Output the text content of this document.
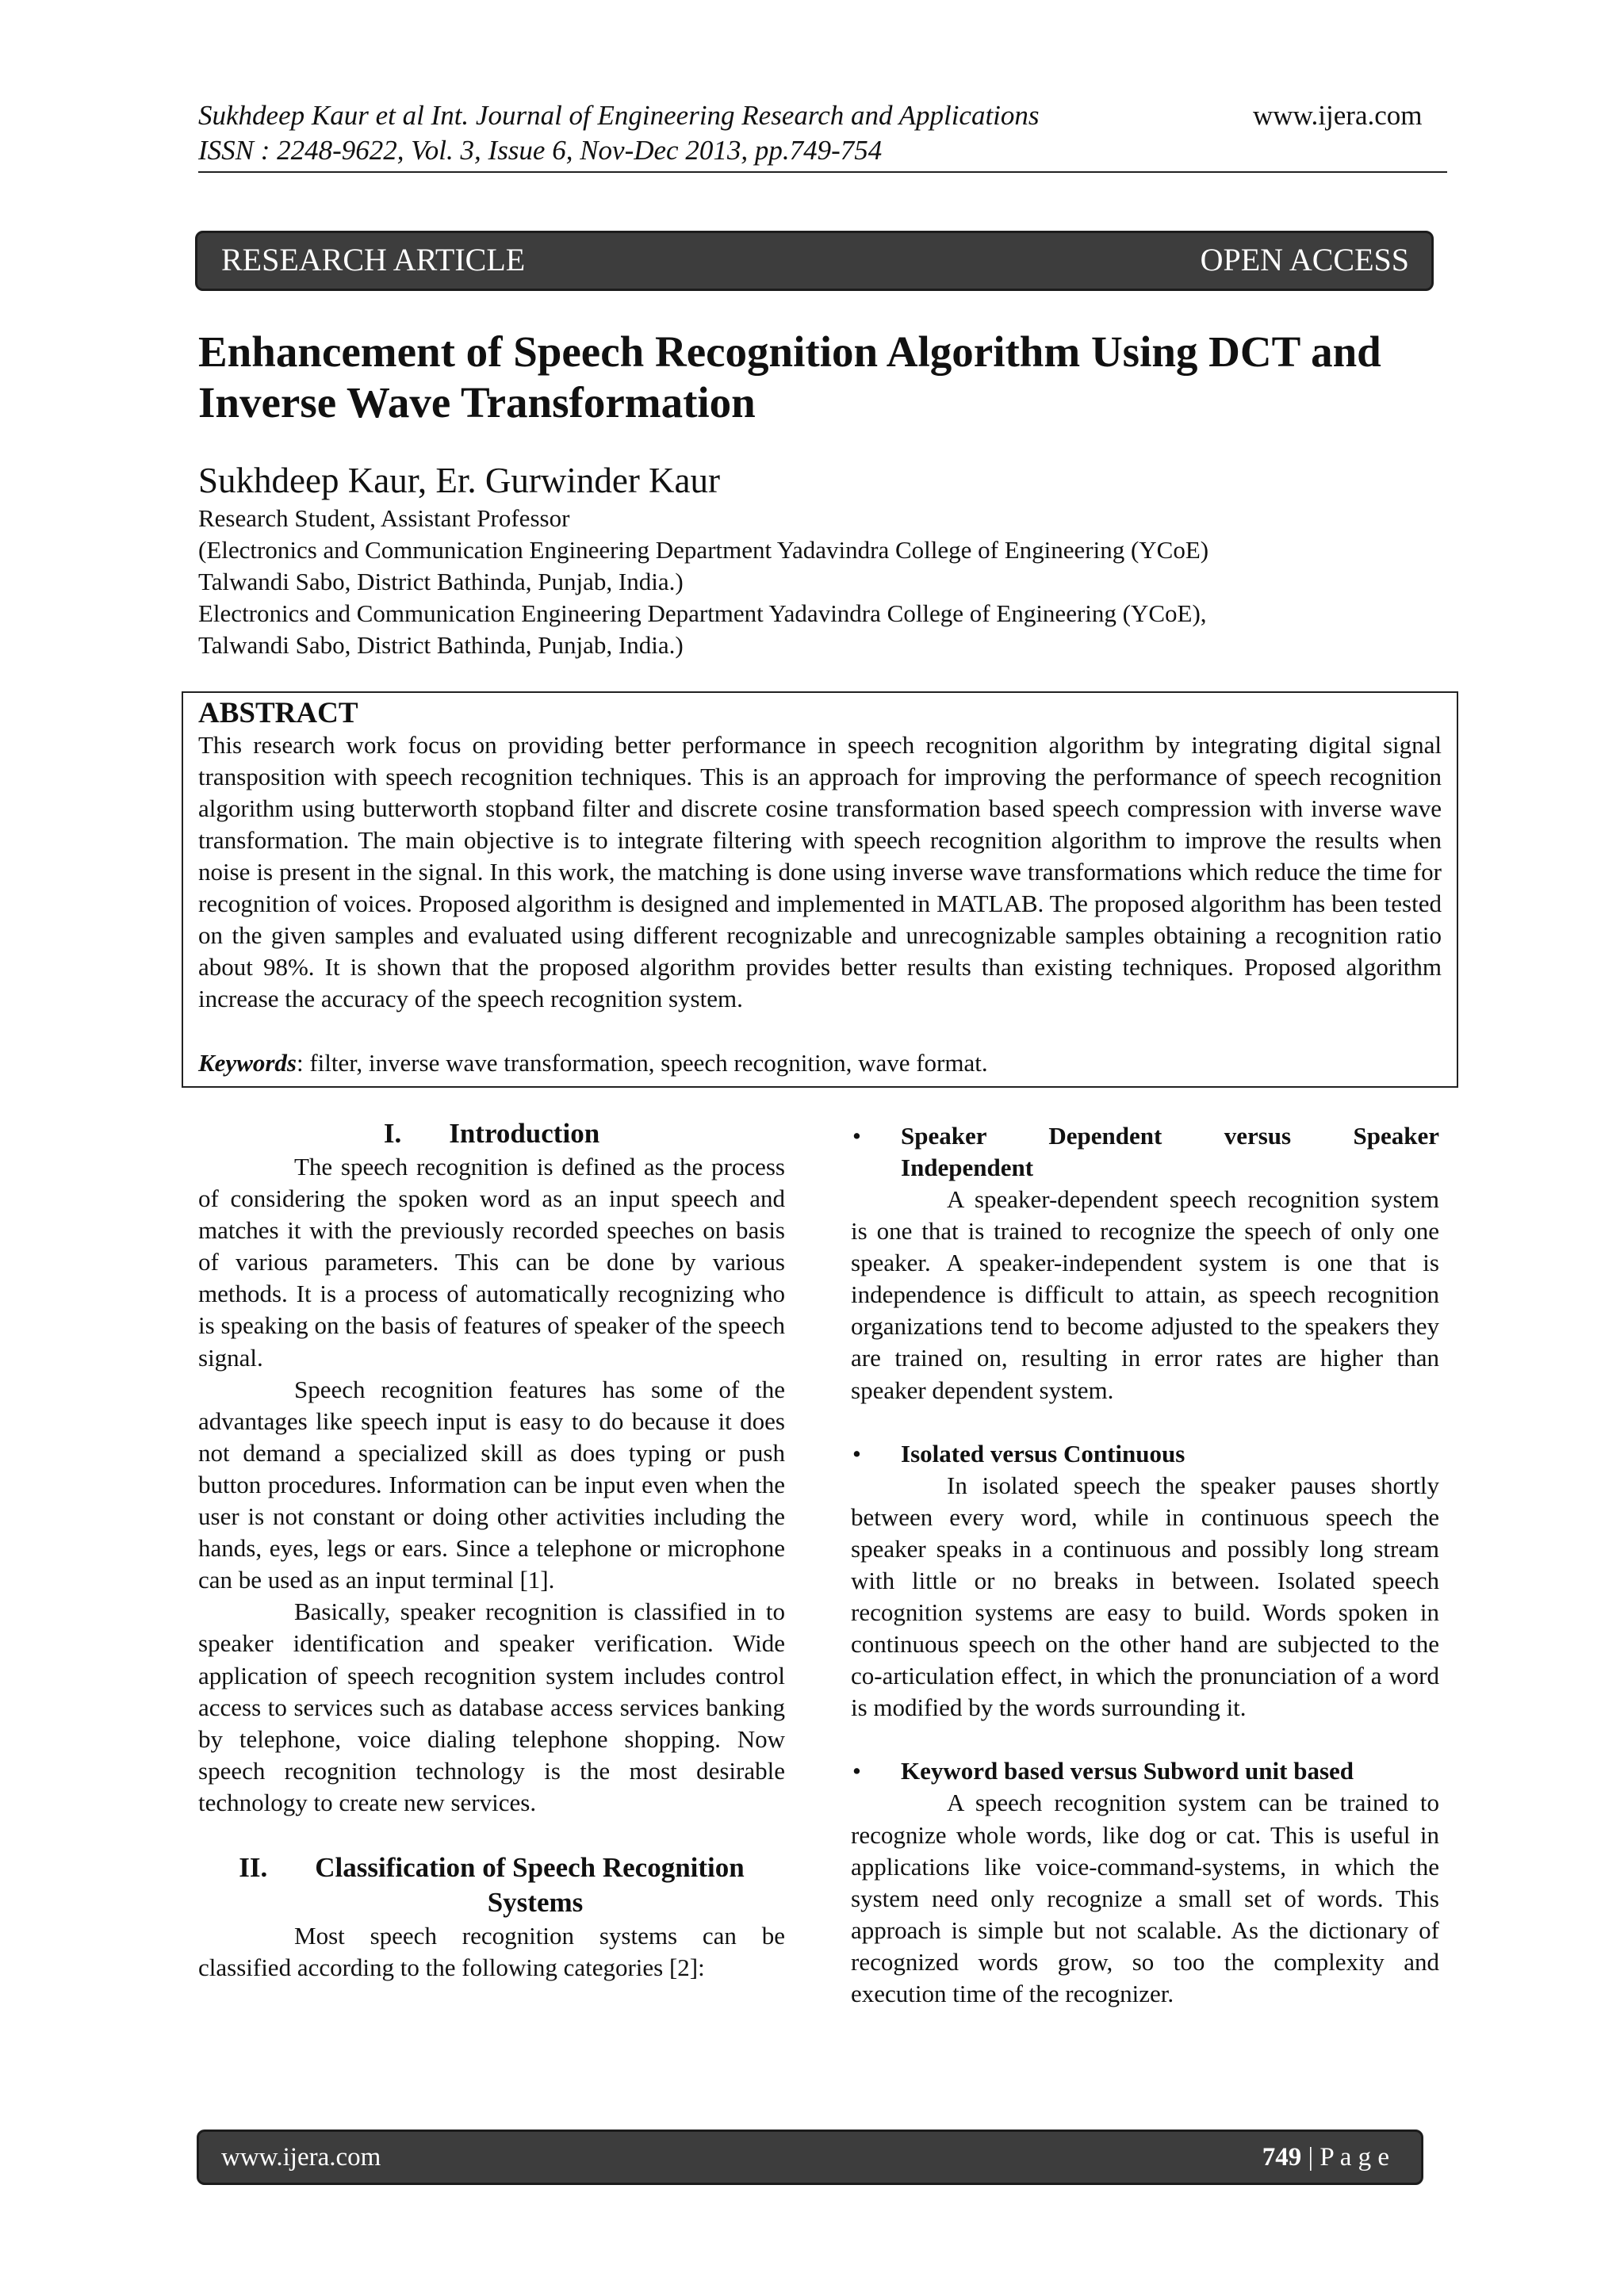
Sukhdeep Kaur et al Int. Journal of Engineering Research and Applications	www.ijera.com
ISSN : 2248-9622, Vol. 3, Issue 6, Nov-Dec 2013, pp.749-754
RESEARCH ARTICLE	OPEN ACCESS
Enhancement of Speech Recognition Algorithm Using DCT and
Inverse Wave Transformation
Sukhdeep Kaur, Er. Gurwinder Kaur
Research Student, Assistant Professor
(Electronics and Communication Engineering Department Yadavindra College of Engineering (YCoE)
Talwandi Sabo, District Bathinda, Punjab, India.)
Electronics and Communication Engineering Department Yadavindra College of Engineering (YCoE),
Talwandi Sabo, District Bathinda, Punjab, India.)
ABSTRACT
This research work focus on providing better performance in speech recognition algorithm by integrating digital signal transposition with speech recognition techniques. This is an approach for improving the performance of speech recognition algorithm using butterworth stopband filter and discrete cosine transformation based speech compression with inverse wave transformation. The main objective is to integrate filtering with speech recognition algorithm to improve the results when noise is present in the signal. In this work, the matching is done using inverse wave transformations which reduce the time for recognition of voices. Proposed algorithm is designed and implemented in MATLAB. The proposed algorithm has been tested on the given samples and evaluated using different recognizable and unrecognizable samples obtaining a recognition ratio about 98%. It is shown that the proposed algorithm provides better results than existing techniques. Proposed algorithm increase the accuracy of the speech recognition system.
Keywords: filter, inverse wave transformation, speech recognition, wave format.

I. Introduction

The speech recognition is defined as the process of considering the spoken word as an input speech and matches it with the previously recorded speeches on basis of various parameters. This can be done by various methods. It is a process of automatically recognizing who is speaking on the basis of features of speaker of the speech signal.

Speech recognition features has some of the advantages like speech input is easy to do because it does not demand a specialized skill as does typing or push button procedures. Information can be input even when the user is not constant or doing other activities including the hands, eyes, legs or ears. Since a telephone or microphone can be used as an input terminal [1].

Basically, speaker recognition is classified in to speaker identification and speaker verification. Wide application of speech recognition system includes control access to services such as database access services banking by telephone, voice dialing telephone shopping. Now speech recognition technology is the most desirable technology to create new services.

II. Classification of Speech Recognition

Systems

Most speech recognition systems can be classified according to the following categories [2]:

• Speaker Dependent versus Speaker

Independent

A speaker-dependent speech recognition system is one that is trained to recognize the speech of only one speaker. A speaker-independent system is one that is independence is difficult to attain, as speech recognition organizations tend to become adjusted to the speakers they are trained on, resulting in error rates are higher than speaker dependent system.

• Isolated versus Continuous

In isolated speech the speaker pauses shortly between every word, while in continuous speech the speaker speaks in a continuous and possibly long stream with little or no breaks in between. Isolated speech recognition systems are easy to build. Words spoken in continuous speech on the other hand are subjected to the co-articulation effect, in which the pronunciation of a word is modified by the words surrounding it.

• Keyword based versus Subword unit based

A speech recognition system can be trained to recognize whole words, like dog or cat. This is useful in applications like voice-command-systems, in which the system need only recognize a small set of words. This approach is simple but not scalable. As the dictionary of recognized words grow, so too the complexity and execution time of the recognizer.

www.ijera.com	749 | P a g e
